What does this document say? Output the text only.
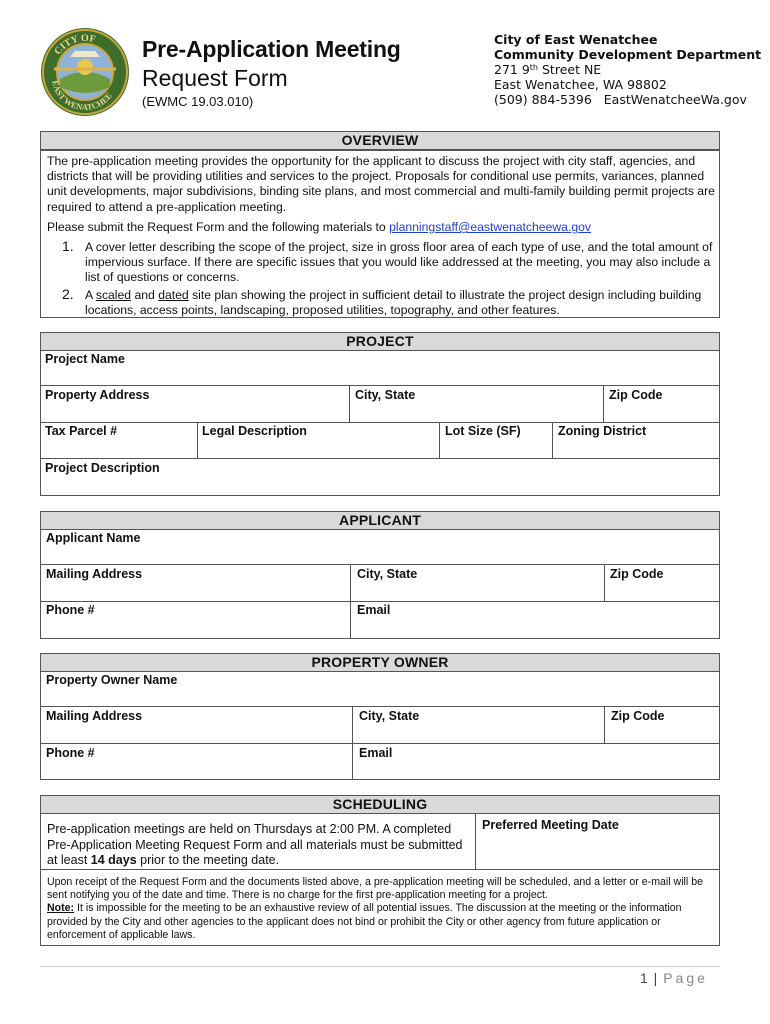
CITY OF
EAST WENATCHEE
Pre-Application Meeting
Request Form
(EWMC 19.03.010)
City of East Wenatchee
Community Development Department
271 9th Street NE
East Wenatchee, WA 98802
(509) 884-5396 EastWenatcheeWa.gov
OVERVIEW
The pre-application meeting provides the opportunity for the applicant to discuss the project with city staff, agencies, and districts that will be providing utilities and services to the project. Proposals for conditional use permits, variances, planned unit developments, major subdivisions, binding site plans, and most commercial and multi-family building permit projects are required to attend a pre-application meeting.
Please submit the Request Form and the following materials to planningstaff@eastwenatcheewa.gov
1. A cover letter describing the scope of the project, size in gross floor area of each type of use, and the total amount of impervious surface. If there are specific issues that you would like addressed at the meeting, you may also include a list of questions or concerns.
2. A scaled and dated site plan showing the project in sufficient detail to illustrate the project design including building locations, access points, landscaping, proposed utilities, topography, and other features.
PROJECT
Project Name
Property Address	City, State	Zip Code
Tax Parcel #	Legal Description	Lot Size (SF)	Zoning District
Project Description
APPLICANT
Applicant Name
Mailing Address	City, State	Zip Code
Phone #	Email
PROPERTY OWNER
Property Owner Name
Mailing Address	City, State	Zip Code
Phone #	Email
SCHEDULING
Pre-application meetings are held on Thursdays at 2:00 PM. A completed Pre-Application Meeting Request Form and all materials must be submitted at least 14 days prior to the meeting date.
Preferred Meeting Date
Upon receipt of the Request Form and the documents listed above, a pre-application meeting will be scheduled, and a letter or e-mail will be sent notifying you of the date and time. There is no charge for the first pre-application meeting for a project.
Note: It is impossible for the meeting to be an exhaustive review of all potential issues. The discussion at the meeting or the information provided by the City and other agencies to the applicant does not bind or prohibit the City or other agency from future application or enforcement of applicable laws.
1 | Page
